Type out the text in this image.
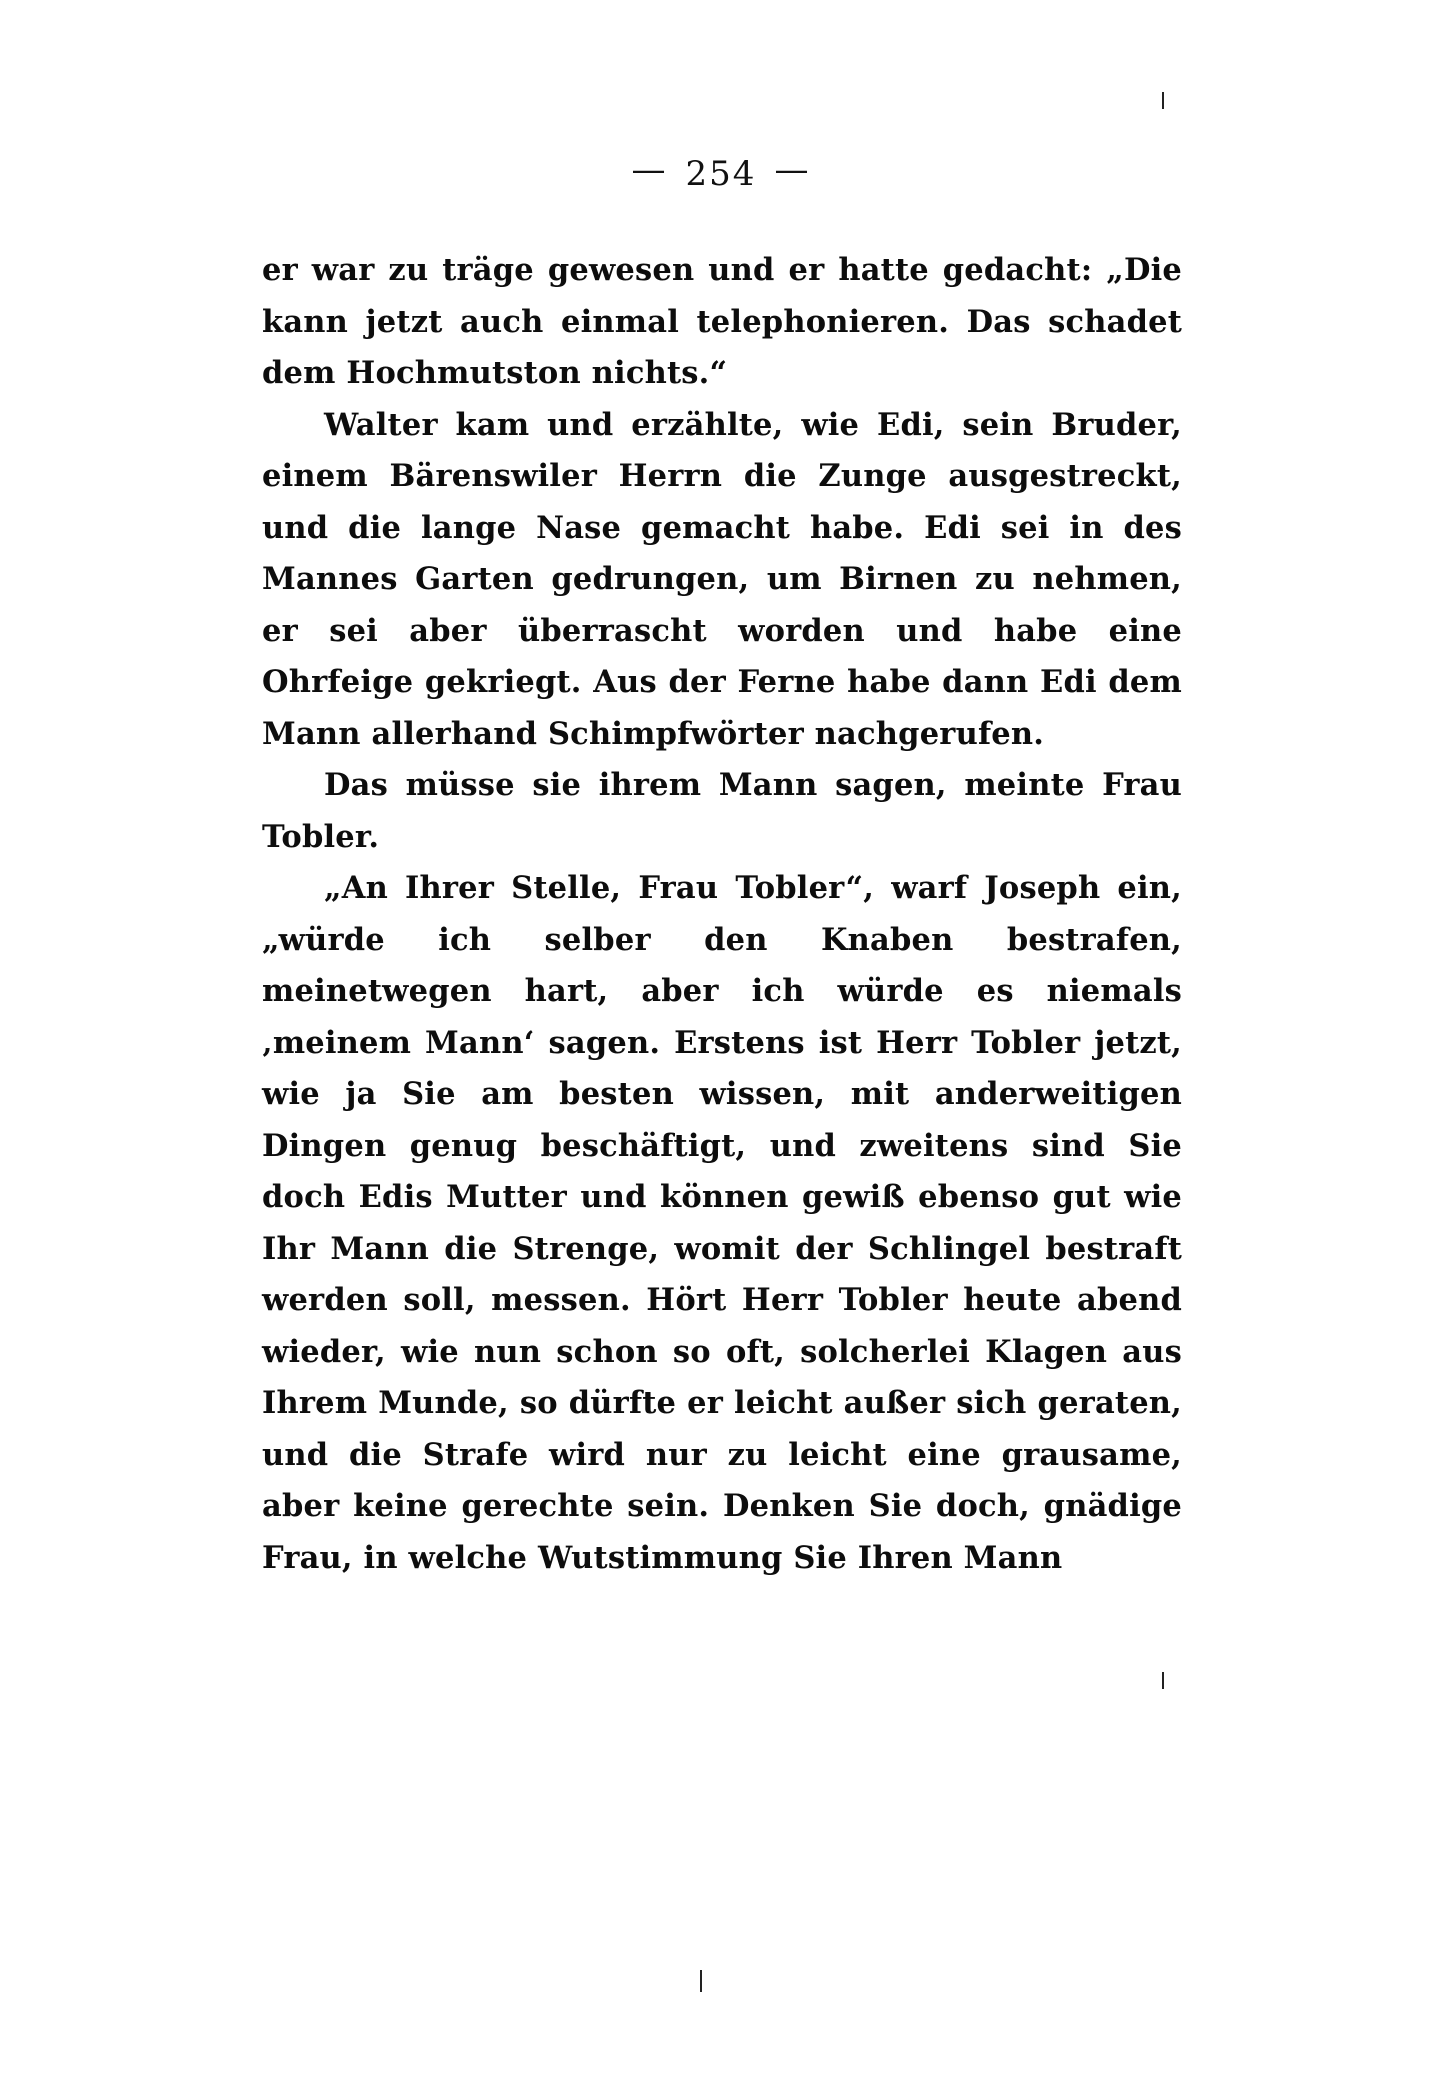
— 254 —

er war zu träge gewesen und er hatte gedacht: „Die kann jetzt auch einmal telephonieren. Das schadet dem Hochmutston nichts.“

Walter kam und erzählte, wie Edi, sein Bruder, einem Bärenswiler Herrn die Zunge ausgestreckt, und die lange Nase gemacht habe. Edi sei in des Mannes Garten gedrungen, um Birnen zu nehmen, er sei aber überrascht worden und habe eine Ohrfeige gekriegt. Aus der Ferne habe dann Edi dem Mann allerhand Schimpfwörter nachgerufen.

Das müsse sie ihrem Mann sagen, meinte Frau Tobler.

„An Ihrer Stelle, Frau Tobler“, warf Joseph ein, „würde ich selber den Knaben bestrafen, meinetwegen hart, aber ich würde es niemals ‚meinem Mann‘ sagen. Erstens ist Herr Tobler jetzt, wie ja Sie am besten wissen, mit anderweitigen Dingen genug beschäftigt, und zweitens sind Sie doch Edis Mutter und können gewiß ebenso gut wie Ihr Mann die Strenge, womit der Schlingel bestraft werden soll, messen. Hört Herr Tobler heute abend wieder, wie nun schon so oft, solcherlei Klagen aus Ihrem Munde, so dürfte er leicht außer sich geraten, und die Strafe wird nur zu leicht eine grausame, aber keine gerechte sein. Denken Sie doch, gnädige Frau, in welche Wutstimmung Sie Ihren Mann
